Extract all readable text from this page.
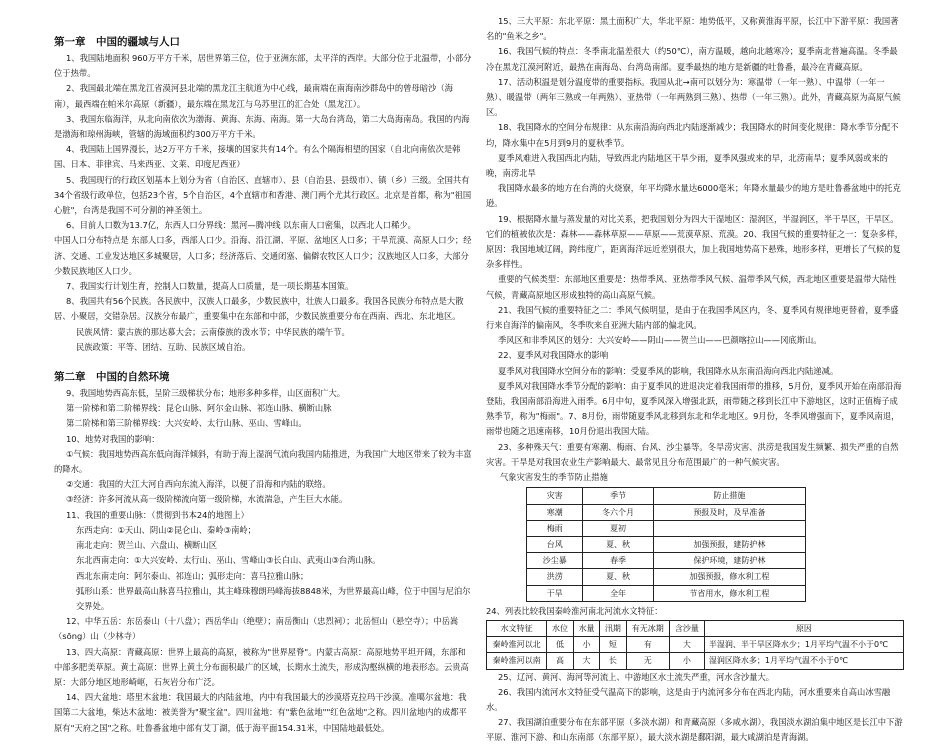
第一章　中国的疆域与人口

1、我国陆地面积 960万平方千米，居世界第三位，位于亚洲东部，太平洋的西岸。大部分位于北温带，小部分位于热带。

2、我国最北端在黑龙江省漠河县北端的黑龙江主航道为中心线，最南端在南海南沙群岛中的曾母暗沙（海南），最西端在帕米尔高原（新疆），最东端在黑龙江与乌苏里江的汇合处（黑龙江）。

3、我国东临海洋，从北向南依次为渤海、黄海、东海、南海。第一大岛台湾岛，第二大岛海南岛。我国的内海是渤海和琼州海峡，管辖的海域面积约300万平方千米。

4、我国陆上国界漫长，达2万平方千米，接壤的国家共有14个。有么个隔海相望的国家（自北向南依次是韩国、日本、菲律宾、马来西亚、文莱、印度尼西亚）

5、我国现行的行政区划基本上划分为省（自治区、直辖市）、县（自治县、县级市）、镇（乡）三级。全国共有34个省级行政单位，包括23个省，5个自治区，4个直辖市和香港、澳门两个尤其行政区。北京是首都，称为"祖国心脏"，台湾是我国不可分割的神圣领土。

6、目前人口数为13.7亿，东西人口分界线：黑河—腾冲线 以东南人口密集，以西北人口稀少。

中国人口分布特点是 东部人口多，西部人口少。沿海、沿江湖、平原、盆地区人口多；干旱荒漠、高原人口少；经济、交通、工业发达地区多城聚居，人口多；经济落后、交通闭塞、偏僻农牧区人口少；汉族地区人口多，大部分少数民族地区人口少。

7、我国实行计划生育，控制人口数量，提高人口质量，是一项长期基本国策。

8、我国共有56个民族。各民族中，汉族人口最多，少数民族中，壮族人口最多。我国各民族分布特点是大散居、小聚居，交错杂居。汉族分布最广，重要集中在东部和中部，少数民族重要分布在西南、西北、东北地区。

民族风情：蒙古族的那达慕大会；云南傣族的泼水节；中华民族的端午节。

民族政策：平等、团结、互助、民族区域自治。

第二章　中国的自然环境

9、我国地势西高东低，呈阶三级梯状分布；地形多种多样，山区面积广大。

第一阶梯和第二阶梯界线：昆仑山脉、阿尔金山脉、祁连山脉、横断山脉

第二阶梯和第三阶梯界线：大兴安岭、太行山脉、巫山、雪峰山。

10、地势对我国的影响：

①气候：我国地势西高东低向海洋倾斜，有助于海上湿润气流向我国内陆推进，为我国广大地区带来了较为丰富的降水。

②交通：我国的大江大河自西向东流入海洋，以便了沿海和内陆的联络。

③经济：许多河流从高一级阶梯流向第一级阶梯，水流湍急，产生巨大水能。

11、我国的重要山脉：（贯彻到书本24的地图上）

东西走向：①天山、阴山②昆仑山、秦岭③南岭；

南北走向：贺兰山、六盘山、横断山区

东北西南走向：①大兴安岭、太行山、巫山、雪峰山③长白山、武夷山③台湾山脉。

西北东南走向：阿尔泰山、祁连山；弧形走向：喜马拉雅山脉；

弧形山系：世界最高山脉喜马拉雅山，其主峰珠穆朗玛峰海拔8848米，为世界最高山峰，位于中国与尼泊尔交界处。

12、中华五岳：东岳泰山（十八盘）；西岳华山（绝壁）；南岳衡山（忠烈祠）；北岳恒山（悬空寺）；中岳嵩（sōng）山（少林寺）

13、四大高原：青藏高原：世界上最高的高原，被称为"世界屋脊"。内蒙古高原：高原地势平坦开阔，东部和中部多肥美草原。黄土高原：世界上黄土分布面积最广的区域，长期水土流失，形成沟壑纵横的地表形态。云贵高原：大部分地区地形崎岖，石灰岩分布广泛。

14、四大盆地：塔里木盆地：我国最大的内陆盆地，内中有我国最大的沙漠塔克拉玛干沙漠。准噶尔盆地：我国第二大盆地，柴达木盆地：被美誉为"聚宝盆"。四川盆地：有"紫色盆地""红色盆地"之称。四川盆地内的成都平原有"天府之国"之称。吐鲁番盆地中部有艾丁湖，低于海平面154.31米，中国陆地最低处。

15、三大平原：东北平原：黑土面积广大，华北平原：地势低平，又称黄淮海平原，长江中下游平原：我国著名的"鱼米之乡"。

16、我国气候的特点：冬季南北温差很大（约50℃），南方温暖，越向北越寒冷；夏季南北普遍高温。冬季最冷在黑龙江漠河附近，最热在南海岛、台湾岛南部。夏季最热的地方是新疆的吐鲁番，最冷在青藏高原。

17、活动积温是划分温度带的重要指标。我国从北→南可以划分为：寒温带（一年一熟）、中温带（一年一熟）、暖温带（两年三熟或一年两熟）、亚热带（一年两熟到三熟）、热带（一年三熟）。此外，青藏高原为高原气候区。

18、我国降水的空间分布规律：从东南沿海向西北内陆逐渐减少；我国降水的时间变化规律：降水季节分配不均，降水集中在5月到9月的夏秋季节。

夏季风难进入我国西北内陆，导致西北内陆地区干旱少雨，夏季风强或来的早，北涝南旱；夏季风弱或来的晚，南涝北旱

我国降水最多的地方在台湾的火烧寮，年平均降水量达6000毫米；年降水量最少的地方是吐鲁番盆地中的托克逊。

19、根据降水量与蒸发量的对比关系，把我国划分为四大干湿地区：湿润区，半湿润区，半干旱区，干旱区。它们的植被依次是：森林——森林草原——草原——荒漠草原、荒漠。20、我国气候的重要特征之一：复杂多样，原因：我国地域辽阔，跨纬度广，距离海洋远近差别很大，加上我国地势高下悬殊，地形多样，更增长了气候的复杂多样性。

重要的气候类型：东部地区重要是：热带季风、亚热带季风气候、温带季风气候，西北地区重要是温带大陆性气候，青藏高原地区形成独特的高山高原气候。

21、我国气候的重要特征之二：季风气候明显，是由于在我国季风区内，冬、夏季风有规律地更替着，夏季盛行来自海洋的偏南风，冬季吹来自亚洲大陆内部的偏北风。

季风区和非季风区的划分：大兴安岭——阴山——贺兰山——巴颜喀拉山——冈底斯山。

22、夏季风对我国降水的影响

夏季风对我国降水空间分布的影响：受夏季风的影响，我国降水从东南沿海向西北内陆递减。

夏季风对我国降水季节分配的影响：由于夏季风的进退决定着我国雨带的推移，5月份，夏季风开始在南部沿海登陆，我国南部沿海进入雨季。6月中旬，夏季风深入增强北跃，雨带随之移到长江中下游地区，这时正值梅子成熟季节，称为"梅雨"。7、8月份，雨带随夏季风北移到东北和华北地区。9月份，冬季风增强而下，夏季风南退，雨带也随之迅速南移，10月份退出我国大陆。

23、多种殊天气：重要有寒潮、梅雨、台风、沙尘暴等。冬旱涝灾害、洪涝是我国发生频繁、损失严重的自然灾害。干旱是对我国农业生产影响最大、最常见且分布范围最广的一种气候灾害。

气象灾害发生的季节防止措施

灾害	季节	防止措施
寒潮	冬六个月	预报及时，及早准备
梅雨	夏初	
台风	夏、秋	加强预报，建防护林
沙尘暴	春季	保护环境，建防护林
洪涝	夏、秋	加强预报，修水利工程
干旱	全年	节省用水，修水利工程

24、列表比较我国秦岭淮河南北河流水文特征：

水文特征	水位	水量	汛期	有无冰期	含沙量	原因
秦岭淮河以北	低	小	短	有	大	半湿润、半干旱区降水少；1月平均气温不小于0℃
秦岭淮河以南	高	大	长	无	小	湿润区降水多；1月平均气温不小于0℃

25、辽河、黄河、海河等河流上、中游地区水土流失严重，河水含沙量大。

26、我国内流河水文特征受气温高下的影响，这是由于内流河多分布在西北内陆，河水重要来自高山冰雪融水。

27、我国湖泊重要分布在东部平原（多淡水湖）和青藏高原（多咸水湖），我国淡水湖泊集中地区是长江中下游平原、淮河下游、和山东南部（东部平原），最大淡水湖是鄱阳湖，最大咸湖泊是青海湖。
